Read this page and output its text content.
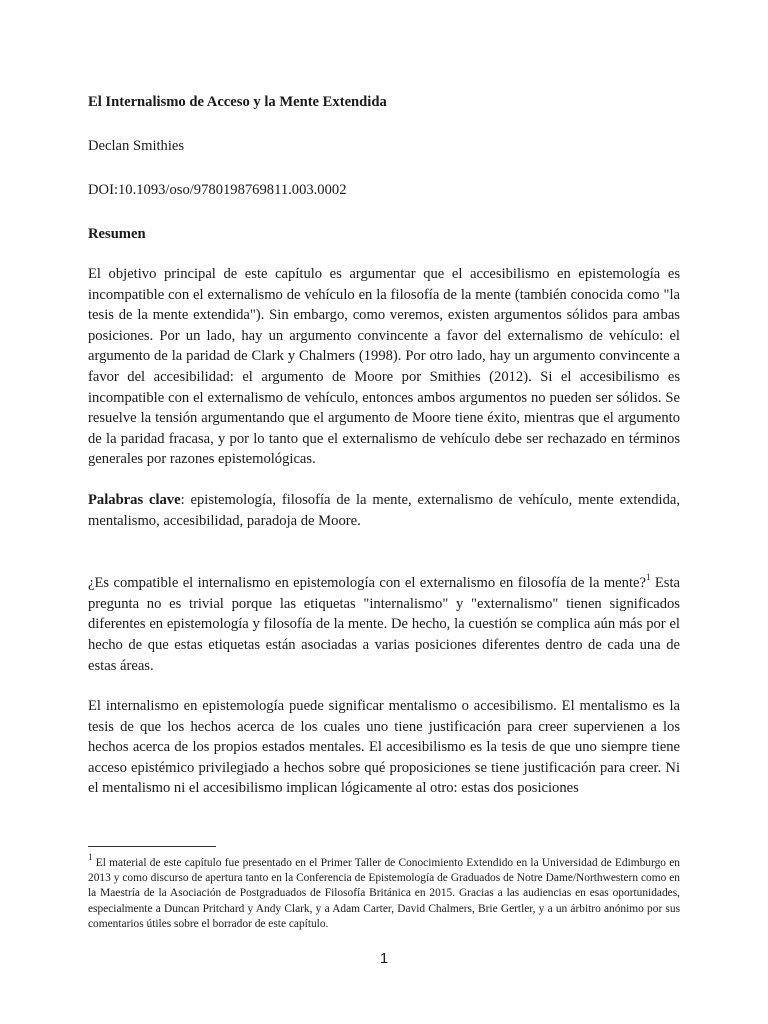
El Internalismo de Acceso y la Mente Extendida

Declan Smithies

DOI:10.1093/oso/9780198769811.003.0002

Resumen

El objetivo principal de este capítulo es argumentar que el accesibilismo en epistemología es incompatible con el externalismo de vehículo en la filosofía de la mente (también conocida como "la tesis de la mente extendida"). Sin embargo, como veremos, existen argumentos sólidos para ambas posiciones. Por un lado, hay un argumento convincente a favor del externalismo de vehículo: el argumento de la paridad de Clark y Chalmers (1998). Por otro lado, hay un argumento convincente a favor del accesibilidad: el argumento de Moore por Smithies (2012). Si el accesibilismo es incompatible con el externalismo de vehículo, entonces ambos argumentos no pueden ser sólidos. Se resuelve la tensión argumentando que el argumento de Moore tiene éxito, mientras que el argumento de la paridad fracasa, y por lo tanto que el externalismo de vehículo debe ser rechazado en términos generales por razones epistemológicas.

Palabras clave: epistemología, filosofía de la mente, externalismo de vehículo, mente extendida, mentalismo, accesibilidad, paradoja de Moore.

¿Es compatible el internalismo en epistemología con el externalismo en filosofía de la mente?$^1$ Esta pregunta no es trivial porque las etiquetas "internalismo" y "externalismo" tienen significados diferentes en epistemología y filosofía de la mente. De hecho, la cuestión se complica aún más por el hecho de que estas etiquetas están asociadas a varias posiciones diferentes dentro de cada una de estas áreas.

El internalismo en epistemología puede significar mentalismo o accesibilismo. El mentalismo es la tesis de que los hechos acerca de los cuales uno tiene justificación para creer supervienen a los hechos acerca de los propios estados mentales. El accesibilismo es la tesis de que uno siempre tiene acceso epistémico privilegiado a hechos sobre qué proposiciones se tiene justificación para creer. Ni el mentalismo ni el accesibilismo implican lógicamente al otro: estas dos posiciones

$^1$ El material de este capítulo fue presentado en el Primer Taller de Conocimiento Extendido en la Universidad de Edimburgo en 2013 y como discurso de apertura tanto en la Conferencia de Epistemología de Graduados de Notre Dame/Northwestern como en la Maestría de la Asociación de Postgraduados de Filosofía Británica en 2015. Gracias a las audiencias en esas oportunidades, especialmente a Duncan Pritchard y Andy Clark, y a Adam Carter, David Chalmers, Brie Gertler, y a un árbitro anónimo por sus comentarios útiles sobre el borrador de este capítulo.

1
